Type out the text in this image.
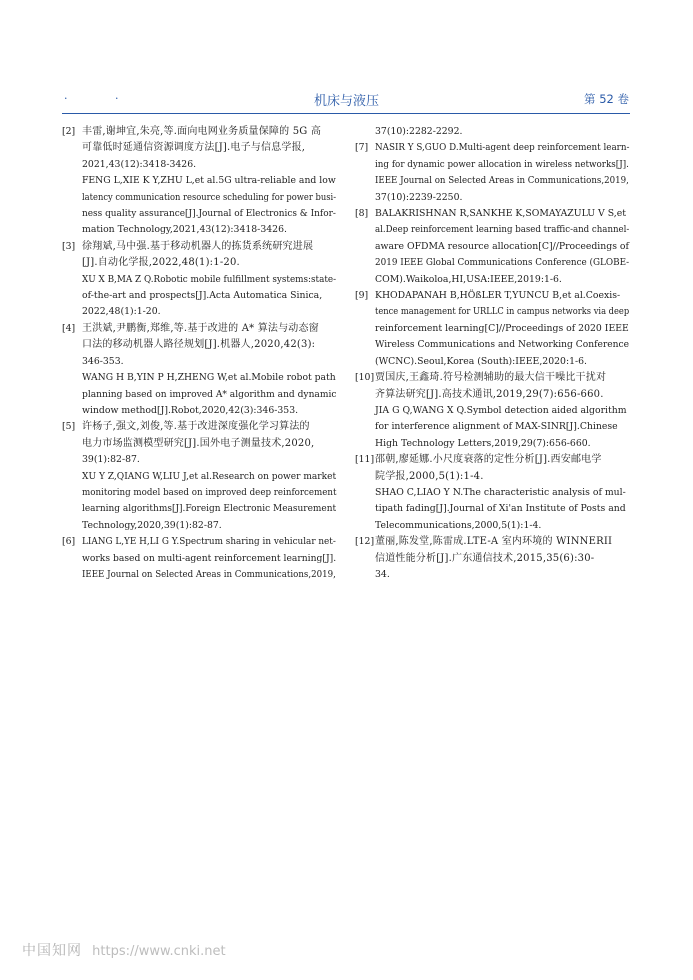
· ·	机床与液压	第 52 卷
[2] 丰雷,谢坤宜,朱亮,等.面向电网业务质量保障的 5G 高
可靠低时延通信资源调度方法[J].电子与信息学报,
2021,43(12):3418-3426.
FENG L,XIE K Y,ZHU L,et al.5G ultra-reliable and low
latency communication resource scheduling for power busi-
ness quality assurance[J].Journal of Electronics & Infor-
mation Technology,2021,43(12):3418-3426.
[3] 徐翔斌,马中强.基于移动机器人的拣货系统研究进展
[J].自动化学报,2022,48(1):1-20.
XU X B,MA Z Q.Robotic mobile fulfillment systems:state-
of-the-art and prospects[J].Acta Automatica Sinica,
2022,48(1):1-20.
[4] 王洪斌,尹鹏衡,郑维,等.基于改进的 A* 算法与动态窗
口法的移动机器人路径规划[J].机器人,2020,42(3):
346-353.
WANG H B,YIN P H,ZHENG W,et al.Mobile robot path
planning based on improved A* algorithm and dynamic
window method[J].Robot,2020,42(3):346-353.
[5] 许杨子,强文,刘俊,等.基于改进深度强化学习算法的
电力市场监测模型研究[J].国外电子测量技术,2020,
39(1):82-87.
XU Y Z,QIANG W,LIU J,et al.Research on power market
monitoring model based on improved deep reinforcement
learning algorithms[J].Foreign Electronic Measurement
Technology,2020,39(1):82-87.
[6] LIANG L,YE H,LI G Y.Spectrum sharing in vehicular net-
works based on multi-agent reinforcement learning[J].
IEEE Journal on Selected Areas in Communications,2019,
37(10):2282-2292.
[7] NASIR Y S,GUO D.Multi-agent deep reinforcement learn-
ing for dynamic power allocation in wireless networks[J].
IEEE Journal on Selected Areas in Communications,2019,
37(10):2239-2250.
[8] BALAKRISHNAN R,SANKHE K,SOMAYAZULU V S,et
al.Deep reinforcement learning based traffic-and channel-
aware OFDMA resource allocation[C]//Proceedings of
2019 IEEE Global Communications Conference (GLOBE-
COM).Waikoloa,HI,USA:IEEE,2019:1-6.
[9] KHODAPANAH B,HÖßLER T,YUNCU B,et al.Coexis-
tence management for URLLC in campus networks via deep
reinforcement learning[C]//Proceedings of 2020 IEEE
Wireless Communications and Networking Conference
(WCNC).Seoul,Korea (South):IEEE,2020:1-6.
[10] 贾国庆,王鑫琦.符号检测辅助的最大信干噪比干扰对
齐算法研究[J].高技术通讯,2019,29(7):656-660.
JIA G Q,WANG X Q.Symbol detection aided algorithm
for interference alignment of MAX-SINR[J].Chinese
High Technology Letters,2019,29(7):656-660.
[11] 邵朝,廖延娜.小尺度衰落的定性分析[J].西安邮电学
院学报,2000,5(1):1-4.
SHAO C,LIAO Y N.The characteristic analysis of mul-
tipath fading[J].Journal of Xi'an Institute of Posts and
Telecommunications,2000,5(1):1-4.
[12] 董丽,陈发堂,陈雷成.LTE-A 室内环境的 WINNERII
信道性能分析[J].广东通信技术,2015,35(6):30-
34.
中国知网 https://www.cnki.net
